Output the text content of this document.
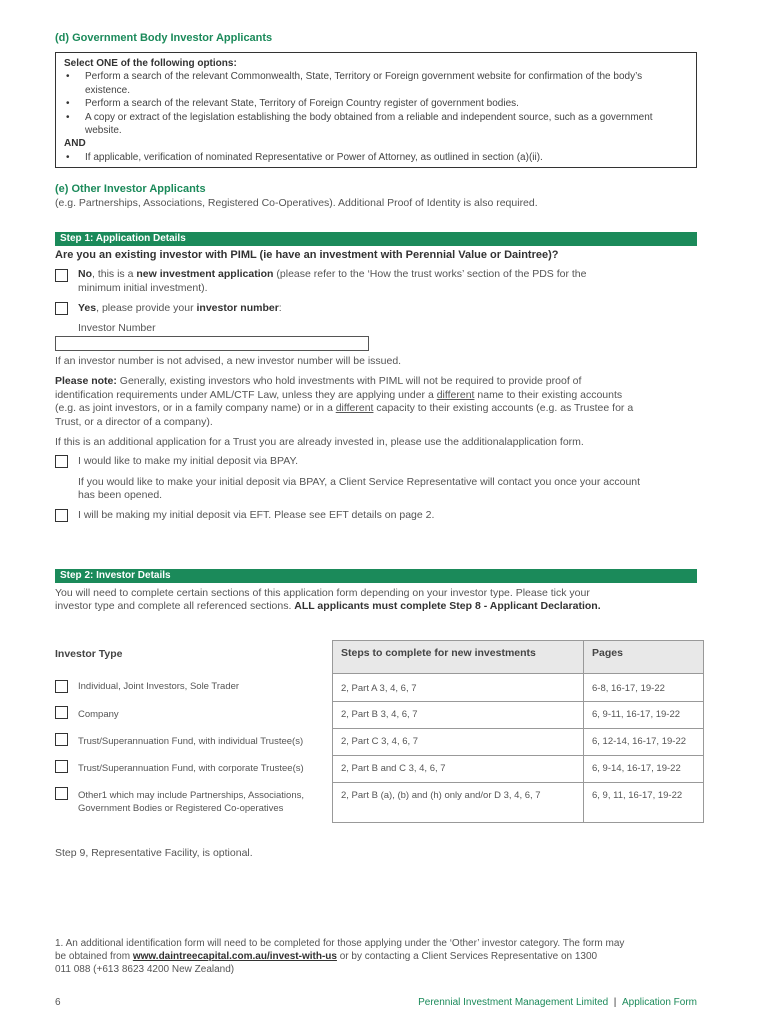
(d) Government Body Investor Applicants
Select ONE of the following options:
• Perform a search of the relevant Commonwealth, State, Territory or Foreign government website for confirmation of the body’s existence.
• Perform a search of the relevant State, Territory of Foreign Country register of government bodies.
• A copy or extract of the legislation establishing the body obtained from a reliable and independent source, such as a government website.
AND
• If applicable, verification of nominated Representative or Power of Attorney, as outlined in section (a)(ii).
(e) Other Investor Applicants
(e.g. Partnerships, Associations, Registered Co-Operatives). Additional Proof of Identity is also required.
Step 1: Application Details
Are you an existing investor with PIML (ie have an investment with Perennial Value or Daintree)?
No, this is a new investment application (please refer to the ‘How the trust works’ section of the PDS for the
minimum initial investment).
Yes, please provide your investor number:
Investor Number
If an investor number is not advised, a new investor number will be issued.
Please note: Generally, existing investors who hold investments with PIML will not be required to provide proof of
identification requirements under AML/CTF Law, unless they are applying under a different name to their existing accounts
(e.g. as joint investors, or in a family company name) or in a different capacity to their existing accounts (e.g. as Trustee for a
Trust, or a director of a company).
If this is an additional application for a Trust you are already invested in, please use the additionalapplication form.
I would like to make my initial deposit via BPAY.
If you would like to make your initial deposit via BPAY, a Client Service Representative will contact you once your account
has been opened.
I will be making my initial deposit via EFT. Please see EFT details on page 2.
Step 2: Investor Details
You will need to complete certain sections of this application form depending on your investor type. Please tick your
investor type and complete all referenced sections. ALL applicants must complete Step 8 - Applicant Declaration.
Investor Type	Steps to complete for new investments	Pages

Individual, Joint Investors, Sole Trader	2, Part A 3, 4, 6, 7	6-8, 16-17, 19-22

Company	2, Part B 3, 4, 6, 7	6, 9-11, 16-17, 19-22

Trust/Superannuation Fund, with individual Trustee(s)	2, Part C 3, 4, 6, 7	6, 12-14, 16-17, 19-22

Trust/Superannuation Fund, with corporate Trustee(s)	2, Part B and C 3, 4, 6, 7	6, 9-14, 16-17, 19-22

Other1 which may include Partnerships, Associations, Government Bodies or Registered Co-operatives	2, Part B (a), (b) and (h) only and/or D 3, 4, 6, 7	6, 9, 11, 16-17, 19-22
Step 9, Representative Facility, is optional.
1. An additional identification form will need to be completed for those applying under the ‘Other’ investor category. The form may
be obtained from www.daintreecapital.com.au/invest-with-us or by contacting a Client Services Representative on 1300
011 088 (+613 8623 4200 New Zealand)
6	Perennial Investment Management Limited | Application Form
